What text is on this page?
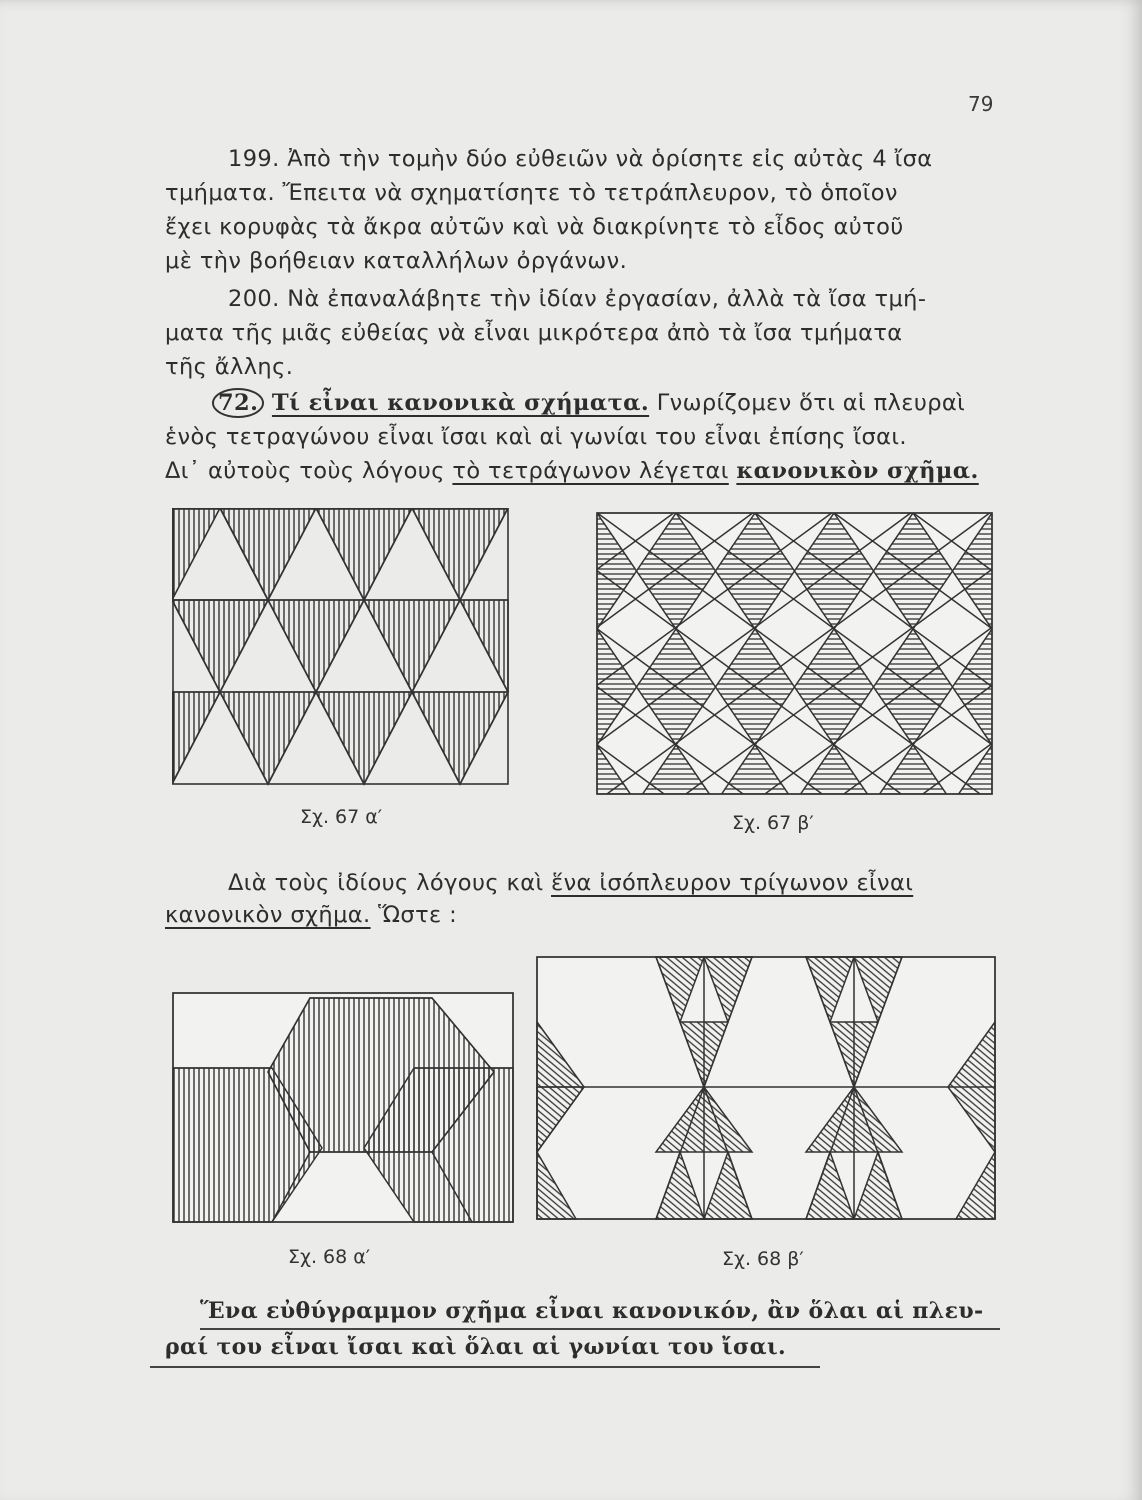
79
199. Ἀπὸ τὴν τομὴν δύο εὐθειῶν νὰ ὁρίσητε εἰς αὐτὰς 4 ἴσα
τμήματα. Ἔπειτα νὰ σχηματίσητε τὸ τετράπλευρον, τὸ ὁποῖον
ἔχει κορυφὰς τὰ ἄκρα αὐτῶν καὶ νὰ διακρίνητε τὸ εἶδος αὐτοῦ
μὲ τὴν βοήθειαν καταλλήλων ὀργάνων.
200. Νὰ ἐπαναλάβητε τὴν ἰδίαν ἐργασίαν, ἀλλὰ τὰ ἴσα τμή-
ματα τῆς μιᾶς εὐθείας νὰ εἶναι μικρότερα ἀπὸ τὰ ἴσα τμήματα
τῆς ἄλλης.
72. Τί εἶναι κανονικὰ σχήματα. Γνωρίζομεν ὅτι αἱ πλευραὶ
ἑνὸς τετραγώνου εἶναι ἴσαι καὶ αἱ γωνίαι του εἶναι ἐπίσης ἴσαι.
Δι᾽ αὐτοὺς τοὺς λόγους τὸ τετράγωνον λέγεται κανονικὸν σχῆμα.
Σχ. 67 α′	Σχ. 67 β′
Διὰ τοὺς ἰδίους λόγους καὶ ἕνα ἰσόπλευρον τρίγωνον εἶναι
κανονικὸν σχῆμα. Ὥστε :
Σχ. 68 α′	Σχ. 68 β′
Ἕνα εὐθύγραμμον σχῆμα εἶναι κανονικόν, ἂν ὅλαι αἱ πλευ-
ραί του εἶναι ἴσαι καὶ ὅλαι αἱ γωνίαι του ἴσαι.
